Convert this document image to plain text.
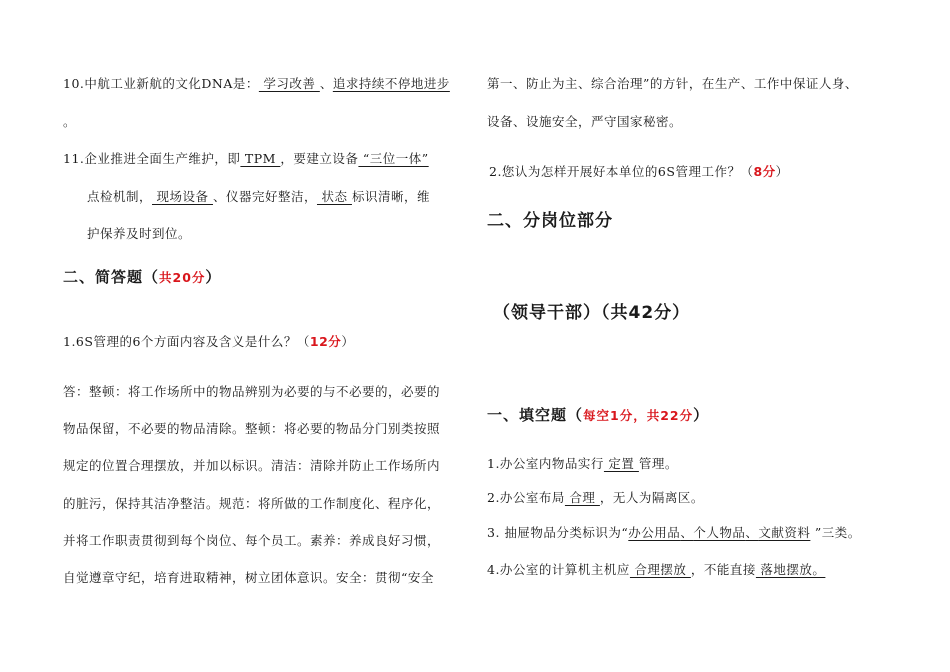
10.中航工业新航的文化DNA是： 学习改善 、追求持续不停地进步
。
11.企业推进全面生产维护，即 TPM ，要建立设备 “三位一体”
点检机制， 现场设备 、仪器完好整洁， 状态 标识清晰，维
护保养及时到位。
二、简答题（共20分）
1.6S管理的6个方面内容及含义是什么？（12分）
答：整顿：将工作场所中的物品辨别为必要的与不必要的，必要的
物品保留，不必要的物品清除。整顿：将必要的物品分门别类按照
规定的位置合理摆放，并加以标识。清洁：清除并防止工作场所内
的脏污，保持其洁净整洁。规范：将所做的工作制度化、程序化，
并将工作职责贯彻到每个岗位、每个员工。素养：养成良好习惯，
自觉遵章守纪，培育进取精神，树立团体意识。安全：贯彻“安全
第一、防止为主、综合治理”的方针，在生产、工作中保证人身、
设备、设施安全，严守国家秘密。
2.您认为怎样开展好本单位的6S管理工作？（8分）
二、分岗位部分
（领导干部）（共42分）
一、填空题（每空1分，共22分）
1.办公室内物品实行 定置 管理。
2.办公室布局 合理 ，无人为隔离区。
3. 抽屉物品分类标识为“办公用品、个人物品、文献资料 ”三类。
4.办公室的计算机主机应 合理摆放 ，不能直接 落地摆放。
